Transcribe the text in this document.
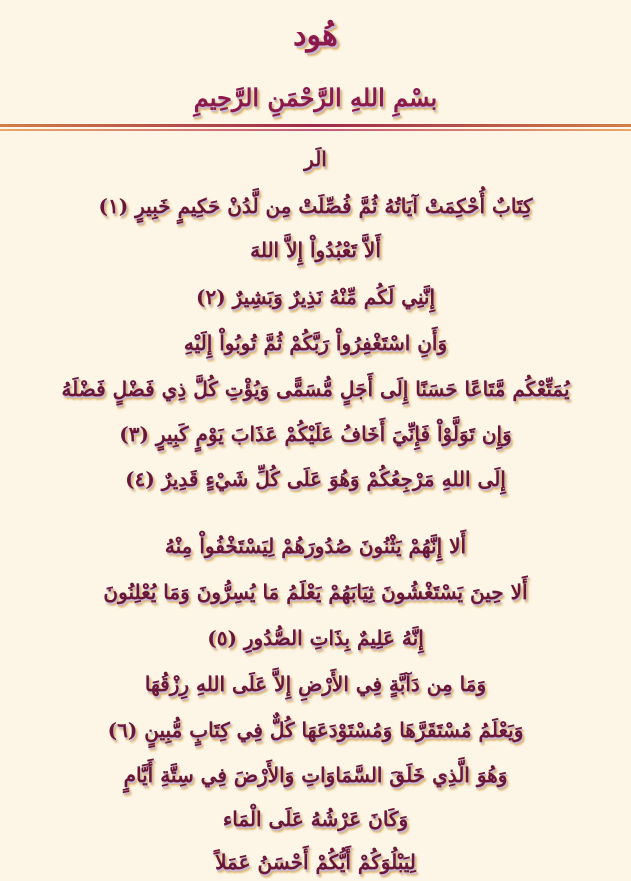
هُود
بسْمِ اللهِ الرَّحْمَنِ الرَّحِيمِ
الَر
كِتَابٌ أُحْكِمَتْ آيَاتُهُ ثُمَّ فُصِّلَتْ مِن لَّدُنْ حَكِيمٍ خَبِيرٍ (١)
أَلاَّ تَعْبُدُواْ إِلاَّ اللهَ
إِنَّنِي لَكُم مِّنْهُ نَذِيرٌ وَبَشِيرٌ (٢)
وَأَنِ اسْتَغْفِرُواْ رَبَّكُمْ ثُمَّ تُوبُواْ إِلَيْهِ
يُمَتِّعْكُم مَّتَاعًا حَسَنًا إِلَى أَجَلٍ مُّسَمًّى وَيُؤْتِ كُلَّ ذِي فَضْلٍ فَضْلَهُ
وَإِن تَوَلَّوْاْ فَإِنِّيَ أَخَافُ عَلَيْكُمْ عَذَابَ يَوْمٍ كَبِيرٍ (٣)
إِلَى اللهِ مَرْجِعُكُمْ وَهُوَ عَلَى كُلِّ شَيْءٍ قَدِيرٌ (٤)
أَلا إِنَّهُمْ يَثْنُونَ صُدُورَهُمْ لِيَسْتَخْفُواْ مِنْهُ
أَلا حِينَ يَسْتَغْشُونَ ثِيَابَهُمْ يَعْلَمُ مَا يُسِرُّونَ وَمَا يُعْلِنُونَ
إِنَّهُ عَلِيمٌ بِذَاتِ الصُّدُورِ (٥)
وَمَا مِن دَآبَّةٍ فِي الأَرْضِ إِلاَّ عَلَى اللهِ رِزْقُهَا
وَيَعْلَمُ مُسْتَقَرَّهَا وَمُسْتَوْدَعَهَا كُلٌّ فِي كِتَابٍ مُّبِينٍ (٦)
وَهُوَ الَّذِي خَلَقَ السَّمَاوَاتِ وَالأَرْضَ فِي سِتَّةِ أَيَّامٍ
وَكَانَ عَرْشُهُ عَلَى الْمَاء
لِيَبْلُوَكُمْ أَيُّكُمْ أَحْسَنُ عَمَلاً
